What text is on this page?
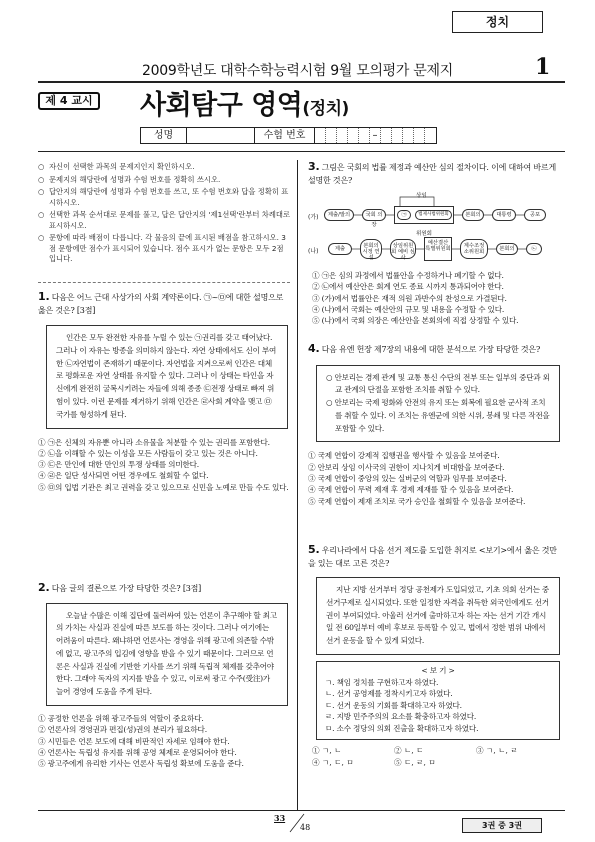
정치
2009학년도 대학수학능력시험 9월 모의평가 문제지	1
제 4 교시 사회탐구 영역(정치)
성명	수험 번호	–
○ 자신이 선택한 과목의 문제지인지 확인하시오.
○ 문제지의 해당란에 성명과 수험 번호를 정확히 쓰시오.
○ 답안지의 해당란에 성명과 수험 번호를 쓰고, 또 수험 번호와 답을 정확히 표시하시오.
○ 선택한 과목 순서대로 문제를 풀고, 답은 답안지의 '제1선택'란부터 차례대로 표시하시오.
○ 문항에 따라 배점이 다릅니다. 각 물음의 끝에 표시된 배점을 참고하시오. 3점 문항에만 점수가 표시되어 있습니다. 점수 표시가 없는 문항은 모두 2점입니다.
1. 다음은 어느 근대 사상가의 사회 계약론이다. ㉠~㉤에 대한 설명으로 옳은 것은? [3점]
인간은 모두 완전한 자유를 누릴 수 있는 ㉠권리를 갖고 태어났다. 그러나 이 자유는 방종을 의미하지 않는다. 자연 상태에서도 신이 부여한 ㉡자연법이 존재하기 때문이다. 자연법을 지켜으로써 인간은 대체로 평화로운 자연 상태를 유지할 수 있다. 그러나 이 상태는 타인을 자신에게 완전히 굴복시키려는 자들에 의해 종종 ㉢전쟁 상태로 빠져 위험이 있다. 이런 문제를 제거하기 위해 인간은 ㉣사회 계약을 맺고 ㉤국가를 형성하게 된다.
① ㉠은 신체의 자유뿐 아니라 소유물을 처분할 수 있는 권리를 포함한다.
② ㉡을 이해할 수 있는 이성을 모든 사람들이 갖고 있는 것은 아니다.
③ ㉢은 만인에 대한 만인의 투쟁 상태를 의미한다.
④ ㉣은 일단 성사되면 어떤 경우에도 철회할 수 없다.
⑤ ㉤의 입법 기관은 최고 권력을 갖고 있으므로 신민을 노예로 만들 수도 있다.
2. 다음 글의 결론으로 가장 타당한 것은? [3점]
오늘날 수많은 이해 집단에 둘러싸여 있는 언론이 추구해야 할 최고의 가치는 사실과 진실에 따른 보도를 하는 것이다. 그러나 여기에는 어려움이 따른다. 왜냐하면 언론사는 경영을 위해 광고에 의존할 수밖에 없고, 광고주의 입김에 영향을 받을 수 있기 때문이다. 그러므로 언론은 사실과 진실에 기반한 기사를 쓰기 위해 독립적 체제를 갖추어야 한다. 그래야 독자의 지지를 받을 수 있고, 이로써 광고 수주(受注)가 늘어 경영에 도움을 주게 된다.
① 공정한 언론을 위해 광고주들의 역할이 중요하다.
② 언론사의 경영권과 편집(성)권의 분리가 필요하다.
③ 시민들은 언론 보도에 대해 비판적인 자세로 임해야 한다.
④ 언론사는 독립성 유지를 위해 공영 체제로 운영되어야 한다.
⑤ 광고주에게 유리한 기사는 언론사 독립성 확보에 도움을 준다.
3. 그림은 국회의 법률 제정과 예산안 심의 절차이다. 이에 대하여 바르게 설명한 것은?
상임
위원회
(가)
(나)
제출/발의	국회 의장
㉠	법제사법위원회	본회의	대통령	공포
제출	본회의 시정 연설
상임위원회 예비 심사
예산결산 특별위원회	계수조정 소위원회	본회의	㉡
① ㉠은 심의 과정에서 법률안을 수정하거나 폐기할 수 없다.
② ㉡에서 예산안은 회계 연도 종료 시까지 통과되어야 한다.
③ (가)에서 법률안은 재적 의원 과반수의 찬성으로 가결된다.
④ (나)에서 국회는 예산안의 규모 및 내용을 수정할 수 있다.
⑤ (나)에서 국회 의장은 예산안을 본회의에 직접 상정할 수 있다.
4. 다음 유엔 헌장 제7장의 내용에 대한 분석으로 가장 타당한 것은?
○ 안보리는 경제 관계 및 교통 통신 수단의 전부 또는 일부의 중단과 외교 관계의 단절을 포함한 조치를 취할 수 있다.
○ 안보리는 국제 평화와 안전의 유지 또는 회복에 필요한 군사적 조치를 취할 수 있다. 이 조치는 유엔군에 의한 시위, 봉쇄 및 다른 작전을 포함할 수 있다.
① 국제 연합이 강제적 집행권을 행사할 수 있음을 보여준다.
② 안보리 상임 이사국의 권한이 지나치게 비대함을 보여준다.
③ 국제 연합이 중앙의 있는 실버군의 역할과 임무를 보여준다.
④ 국제 연합이 무력 제재 후 경제 제재를 할 수 있음을 보여준다.
⑤ 국제 연합이 제재 조치로 국가 승인을 철회할 수 있음을 보여준다.
5. 우리나라에서 다음 선거 제도를 도입한 취지로 <보기>에서 옳은 것만을 있는 대로 고른 것은?
지난 지방 선거부터 정당 공천제가 도입되었고, 기초 의회 선거는 중선거구제로 실시되었다. 또한 일정한 자격을 취득한 외국인에게도 선거권이 부여되었다. 아울러 선거에 출마하고자 하는 자는 선거 기간 개시일 전 60일부터 예비 후보로 등록할 수 있고, 법에서 정한 범위 내에서 선거 운동을 할 수 있게 되었다.
< 보 기 >
ㄱ. 책임 정치를 구현하고자 하였다.
ㄴ. 선거 공영제를 정착시키고자 하였다.
ㄷ. 선거 운동의 기회를 확대하고자 하였다.
ㄹ. 지방 민주주의의 요소를 확충하고자 하였다.
ㅁ. 소수 정당의 의회 진출을 확대하고자 하였다.
① ㄱ, ㄴ	② ㄴ, ㄷ	③ ㄱ, ㄴ, ㄹ
④ ㄱ, ㄷ, ㅁ	⑤ ㄷ, ㄹ, ㅁ
33
48	3권 중 3권
